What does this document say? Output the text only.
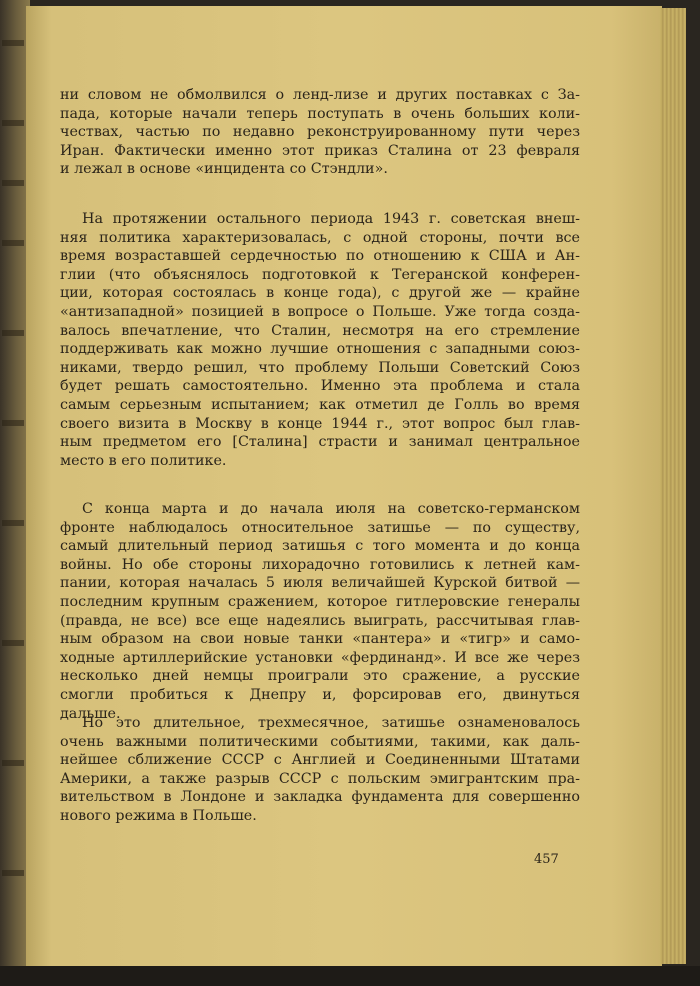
ни словом не обмолвился о ленд-лизе и других поставках с За-
пада, которые начали теперь поступать в очень больших коли-
чествах, частью по недавно реконструированному пути через
Иран. Фактически именно этот приказ Сталина от 23 февраля
и лежал в основе «инцидента со Стэндли».
На протяжении остального периода 1943 г. советская внеш-
няя политика характеризовалась, с одной стороны, почти все
время возраставшей сердечностью по отношению к США и Ан-
глии (что объяснялось подготовкой к Тегеранской конферен-
ции, которая состоялась в конце года), с другой же — крайне
«антизападной» позицией в вопросе о Польше. Уже тогда созда-
валось впечатление, что Сталин, несмотря на его стремление
поддерживать как можно лучшие отношения с западными союз-
никами, твердо решил, что проблему Польши Советский Союз
будет решать самостоятельно. Именно эта проблема и стала
самым серьезным испытанием; как отметил де Голль во время
своего визита в Москву в конце 1944 г., этот вопрос был глав-
ным предметом его [Сталина] страсти и занимал центральное
место в его политике.
С конца марта и до начала июля на советско-германском
фронте наблюдалось относительное затишье — по существу,
самый длительный период затишья с того момента и до конца
войны. Но обе стороны лихорадочно готовились к летней кам-
пании, которая началась 5 июля величайшей Курской битвой —
последним крупным сражением, которое гитлеровские генералы
(правда, не все) все еще надеялись выиграть, рассчитывая глав-
ным образом на свои новые танки «пантера» и «тигр» и само-
ходные артиллерийские установки «фердинанд». И все же через
несколько дней немцы проиграли это сражение, а русские
смогли пробиться к Днепру и, форсировав его, двинуться
дальше.
Но это длительное, трехмесячное, затишье ознаменовалось
очень важными политическими событиями, такими, как даль-
нейшее сближение СССР с Англией и Соединенными Штатами
Америки, а также разрыв СССР с польским эмигрантским пра-
вительством в Лондоне и закладка фундамента для совершенно
нового режима в Польше.
457
